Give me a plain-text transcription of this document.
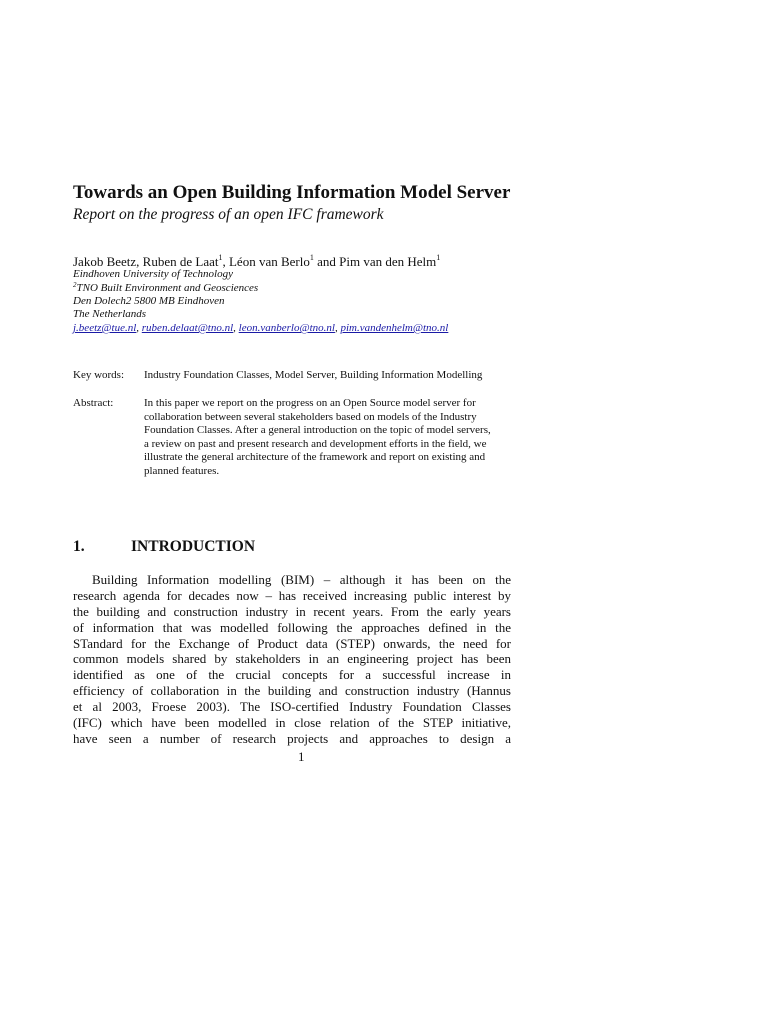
Towards an Open Building Information Model Server
Report on the progress of an open IFC framework
Jakob Beetz, Ruben de Laat$^1$, Léon van Berlo$^1$ and Pim van den Helm$^1$
Eindhoven University of Technology
$^2$TNO Built Environment and Geosciences
Den Dolech2 5800 MB Eindhoven
The Netherlands
j.beetz@tue.nl, ruben.delaat@tno.nl, leon.vanberlo@tno.nl, pim.vandenhelm@tno.nl
Key words: Industry Foundation Classes, Model Server, Building Information Modelling
Abstract:	In this paper we report on the progress on an Open Source model server for
collaboration between several stakeholders based on models of the Industry
Foundation Classes. After a general introduction on the topic of model servers,
a review on past and present research and development efforts in the field, we
illustrate the general architecture of the framework and report on existing and
planned features.
1.	INTRODUCTION
Building Information modelling (BIM) – although it has been on the
research agenda for decades now – has received increasing public interest by
the building and construction industry in recent years. From the early years
of information that was modelled following the approaches defined in the
STandard for the Exchange of Product data (STEP) onwards, the need for
common models shared by stakeholders in an engineering project has been
identified as one of the crucial concepts for a successful increase in
efficiency of collaboration in the building and construction industry (Hannus
et al 2003, Froese 2003). The ISO-certified Industry Foundation Classes
(IFC) which have been modelled in close relation of the STEP initiative,
have seen a number of research projects and approaches to design a
1
